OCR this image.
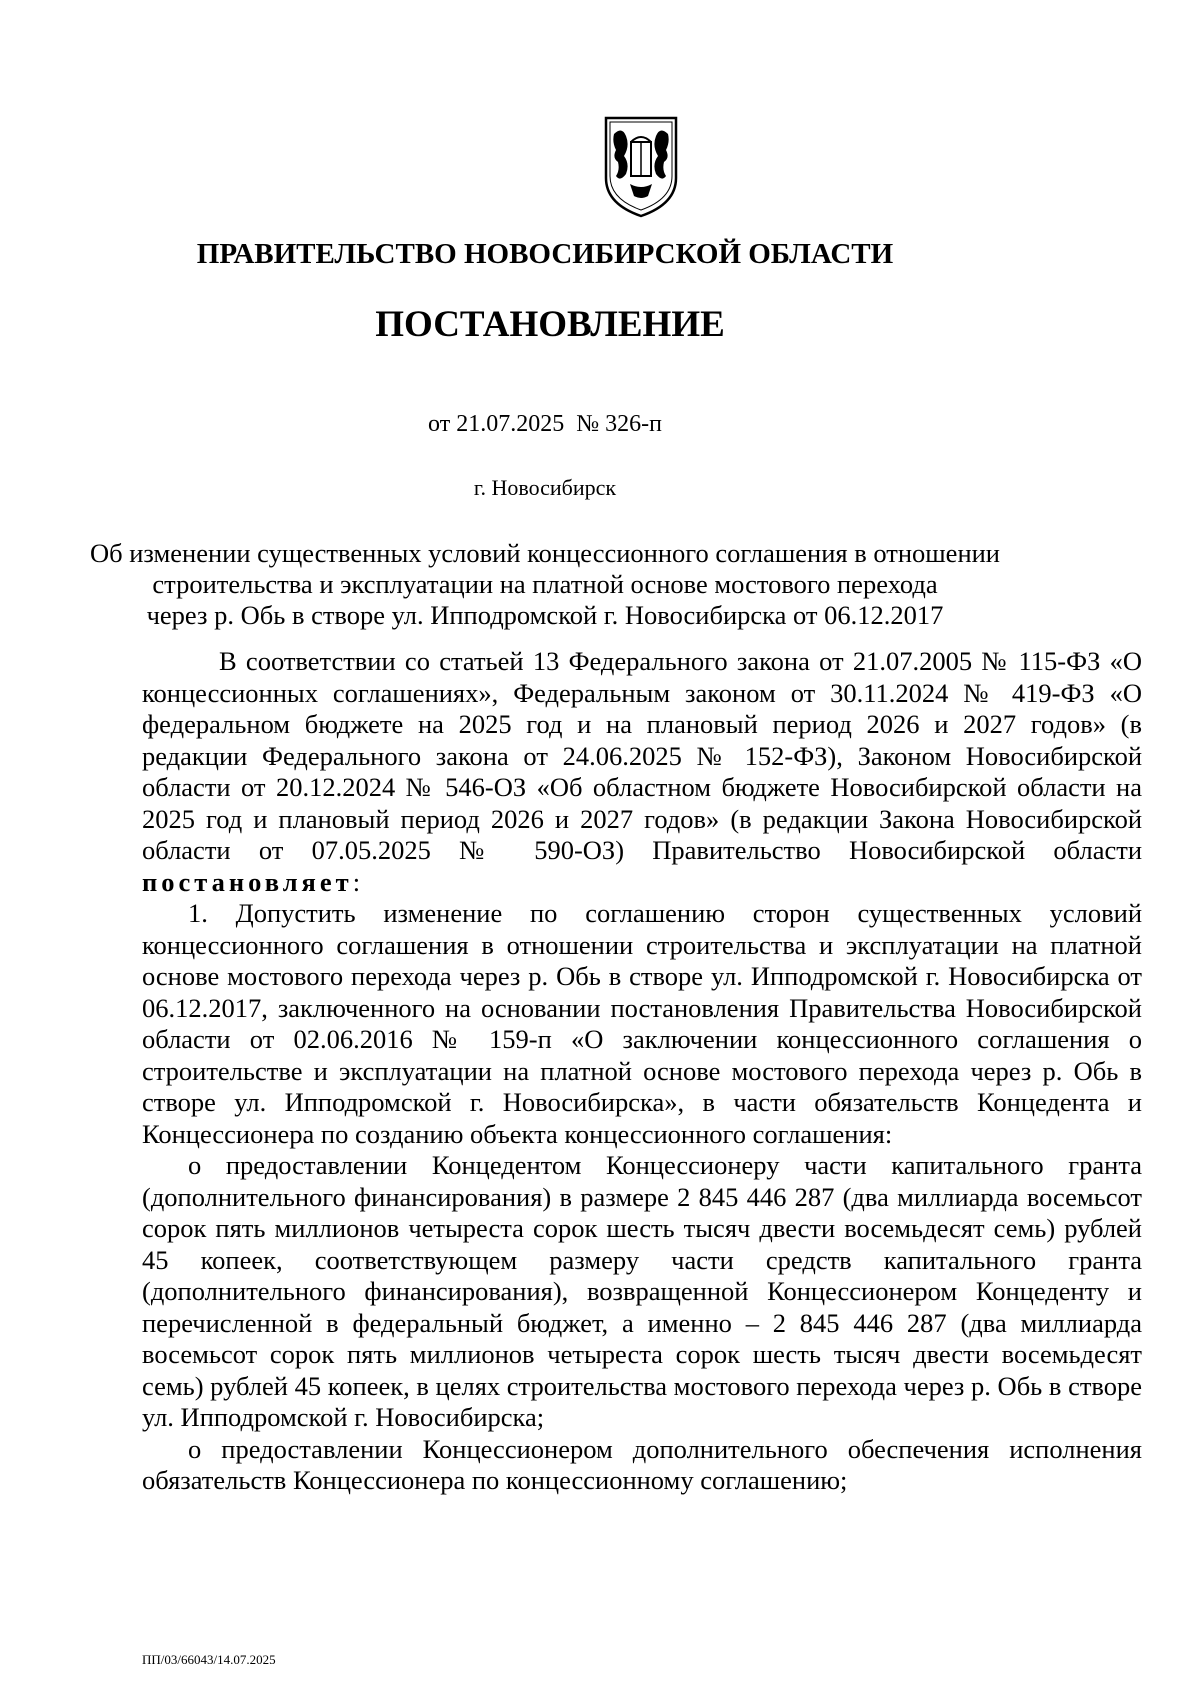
ПРАВИТЕЛЬСТВО НОВОСИБИРСКОЙ ОБЛАСТИ
ПОСТАНОВЛЕНИЕ
от 21.07.2025  № 326-п
г. Новосибирск
Об изменении существенных условий концессионного соглашения в отношении
строительства и эксплуатации на платной основе мостового перехода
через р. Обь в створе ул. Ипподромской г. Новосибирска от 06.12.2017

В соответствии со статьей 13 Федерального закона от 21.07.2005 № 115-ФЗ «О концессионных соглашениях», Федеральным законом от 30.11.2024 № 419-ФЗ «О федеральном бюджете на 2025 год и на плановый период 2026 и 2027 годов» (в редакции Федерального закона от 24.06.2025 № 152-ФЗ), Законом Новосибирской области от 20.12.2024 № 546-ОЗ «Об областном бюджете Новосибирской области на 2025 год и плановый период 2026 и 2027 годов» (в редакции Закона Новосибирской области от 07.05.2025 № 590-ОЗ) Правительство Новосибирской области постановляет:

1. Допустить изменение по соглашению сторон существенных условий концессионного соглашения в отношении строительства и эксплуатации на платной основе мостового перехода через р. Обь в створе ул. Ипподромской г. Новосибирска от 06.12.2017, заключенного на основании постановления Правительства Новосибирской области от 02.06.2016 № 159-п «О заключении концессионного соглашения о строительстве и эксплуатации на платной основе мостового перехода через р. Обь в створе ул. Ипподромской г. Новосибирска», в части обязательств Концедента и Концессионера по созданию объекта концессионного соглашения:

о предоставлении Концедентом Концессионеру части капитального гранта (дополнительного финансирования) в размере 2 845 446 287 (два миллиарда восемьсот сорок пять миллионов четыреста сорок шесть тысяч двести восемьдесят семь) рублей 45 копеек, соответствующем размеру части средств капитального гранта (дополнительного финансирования), возвращенной Концессионером Концеденту и перечисленной в федеральный бюджет, а именно – 2 845 446 287 (два миллиарда восемьсот сорок пять миллионов четыреста сорок шесть тысяч двести восемьдесят семь) рублей 45 копеек, в целях строительства мостового перехода через р. Обь в створе ул. Ипподромской г. Новосибирска;

о предоставлении Концессионером дополнительного обеспечения исполнения обязательств Концессионера по концессионному соглашению;

ПП/03/66043/14.07.2025
